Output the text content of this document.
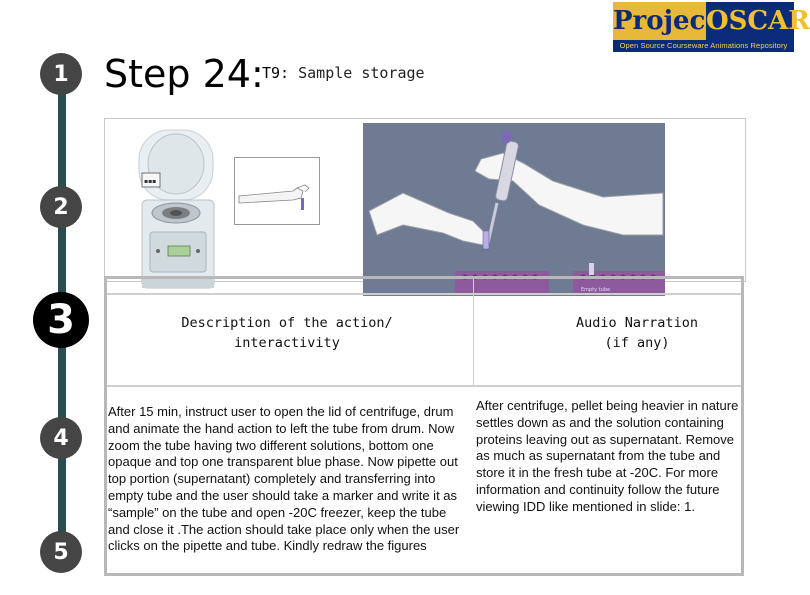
1
2
3
4
5
Project
OSCAR
Open Source Courseware Animations Repository
Step 24:
T9: Sample storage
▪▪▪
Empty tube
Description of the action/
interactivity
Audio Narration
(if any)
After 15 min, instruct user to open the lid of centrifuge, drum and animate the hand action to left the tube from drum. Now zoom the tube having two different solutions, bottom one opaque and top one transparent blue phase. Now pipette out top portion (supernatant) completely and transferring into empty tube and the user should take a marker and write it as “sample” on the tube and open -20C freezer, keep the tube and close it .The action should take place only when the user clicks on the pipette and tube. Kindly redraw the figures
After centrifuge, pellet being heavier in nature settles down as and the solution containing proteins leaving out as supernatant. Remove as much as supernatant from the tube and store it in the fresh tube at -20C. For more information and continuity follow the future viewing IDD like mentioned in slide: 1.
